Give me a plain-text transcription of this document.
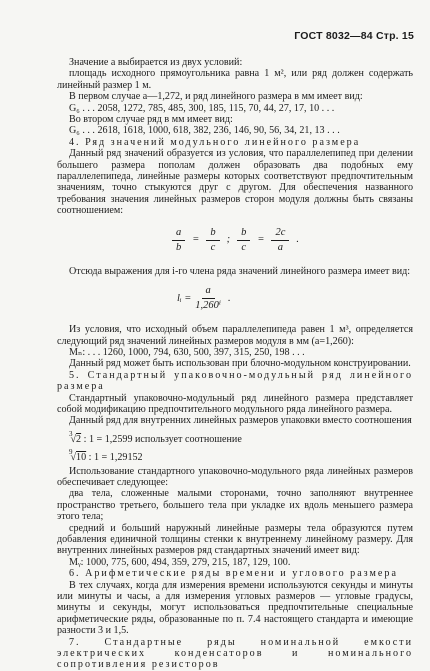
ГОСТ 8032—84 Стр. 15

Значение a выбирается из двух условий:

площадь исходного прямоугольника равна 1 м², или ряд должен содержать линейный размер 1 м.

В первом случае a—1,272, и ряд линейного размера в мм имеет вид:

G₆ . . . 2058, 1272, 785, 485, 300, 185, 115, 70, 44, 27, 17, 10 . . .

Во втором случае ряд в мм имеет вид:

G₆ . . . 2618, 1618, 1000, 618, 382, 236, 146, 90, 56, 34, 21, 13 . . .

4. Ряд значений модульного линейного размера

Данный ряд значений образуется из условия, что параллелепипед при делении большего размера пополам должен образовать два подобных ему параллелепипеда, линейные размеры которых соответствуют предпочтительным значениям, точно стыкуются друг с другом. Для обеспечения названного требования значения линейных размеров сторон модуля должны быть связаны соотношением:

$\frac{a}{b} = \frac{b}{c}$ ; $\frac{b}{c} = \frac{2c}{a}$ .

Отсюда выражения для i-го члена ряда значений линейного размера имеет вид:

lᵢ = $\frac{a}{\text{1,260ⁱ}}$ .

Из условия, что исходный объем параллелепипеда равен 1 м³, определяется следующий ряд значений линейных размеров модуля в мм (a=1,260):

Mₙ: . . . 1260, 1000, 794, 630, 500, 397, 315, 250, 198 . . .

Данный ряд может быть использован при блочно-модульном конструировании.

5. Стандартный упаковочно-модульный ряд линейного размера

Стандартный упаковочно-модульный ряд линейного размера представляет собой модификацию предпочтительного модульного ряда линейного размера.

Данный ряд для внутренних линейных размеров упаковки вместо соотношения

$^3$√2 : 1 = 1,2599 использует соотношение
$^9$√10 : 1 = 1,29152

Использование стандартного упаковочно-модульного ряда линейных размеров обеспечивает следующее:

два тела, сложенные малыми сторонами, точно заполняют внутреннее пространство третьего, большего тела при укладке их вдоль меньшего размера этого тела;

средний и больший наружный линейные размеры тела образуются путем добавления единичной толщины стенки к внутреннему линейному размеру. Для внутренних линейных размеров ряд стандартных значений имеет вид:

Mᵧ: 1000, 775, 600, 494, 359, 279, 215, 187, 129, 100.

6. Арифметические ряды времени и углового размера

В тех случаях, когда для измерения времени используются секунды и минуты или минуты и часы, а для измерения угловых размеров — угловые градусы, минуты и секунды, могут использоваться предпочтительные специальные арифметические ряды, образованные по п. 7.4 настоящего стандарта и имеющие разности 3 и 1,5.

7. Стандартные ряды номинальной емкости электрических конденсаторов и номинального сопротивления резисторов
